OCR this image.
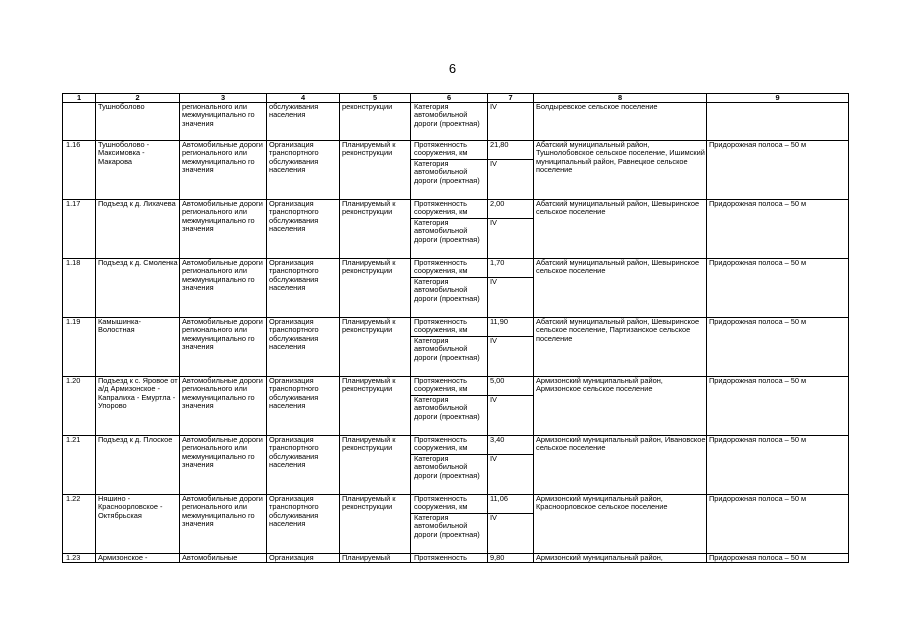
6
1	2	3	4	5	6	7	8	9
	Тушноболово	регионального или межмуниципально го значения	обслуживания населения	реконструкции	Категория автомобильной дороги (проектная)	IV	Болдыревское сельское поселение	
1.16	Тушноболово - Максимовка - Макарова	Автомобильные дороги регионального или межмуниципально го значения	Организация транспортного обслуживания населения	Планируемый к реконструкции	Протяженность сооружения, км	21,80	Абатский муниципальный район, Тушнолобовское сельское поселение, Ишимский муниципальный район, Равнецкое сельское поселение	Придорожная полоса – 50 м
					Категория автомобильной дороги (проектная)	IV		
1.17	Подъезд к д. Лихачева	Автомобильные дороги регионального или межмуниципально го значения	Организация транспортного обслуживания населения	Планируемый к реконструкции	Протяженность сооружения, км	2,00	Абатский муниципальный район, Шевыринское сельское поселение	Придорожная полоса – 50 м
					Категория автомобильной дороги (проектная)	IV		
1.18	Подъезд к д. Смоленка	Автомобильные дороги регионального или межмуниципально го значения	Организация транспортного обслуживания населения	Планируемый к реконструкции	Протяженность сооружения, км	1,70	Абатский муниципальный район, Шевыринское сельское поселение	Придорожная полоса – 50 м
					Категория автомобильной дороги (проектная)	IV		
1.19	Камышинка- Волостная	Автомобильные дороги регионального или межмуниципально го значения	Организация транспортного обслуживания населения	Планируемый к реконструкции	Протяженность сооружения, км	11,90	Абатский муниципальный район, Шевыринское сельское поселение, Партизанское сельское поселение	Придорожная полоса – 50 м
					Категория автомобильной дороги (проектная)	IV		
1.20	Подъезд к с. Яровое от а/д Армизонское - Капралиха - Емуртла - Упорово	Автомобильные дороги регионального или межмуниципально го значения	Организация транспортного обслуживания населения	Планируемый к реконструкции	Протяженность сооружения, км	5,00	Армизонский муниципальный район, Армизонское сельское поселение	Придорожная полоса – 50 м
					Категория автомобильной дороги (проектная)	IV		
1.21	Подъезд к д. Плоское	Автомобильные дороги регионального или межмуниципально го значения	Организация транспортного обслуживания населения	Планируемый к реконструкции	Протяженность сооружения, км	3,40	Армизонский муниципальный район, Ивановское сельское поселение	Придорожная полоса – 50 м
					Категория автомобильной дороги (проектная)	IV		
1.22	Няшино - Красноорловское - Октябрьская	Автомобильные дороги регионального или межмуниципально го значения	Организация транспортного обслуживания населения	Планируемый к реконструкции	Протяженность сооружения, км	11,06	Армизонский муниципальный район, Красноорловское сельское поселение	Придорожная полоса – 50 м
					Категория автомобильной дороги (проектная)	IV		
1.23	Армизонское -	Автомобильные	Организация	Планируемый	Протяженность	9,80	Армизонский муниципальный район,	Придорожная полоса – 50 м
